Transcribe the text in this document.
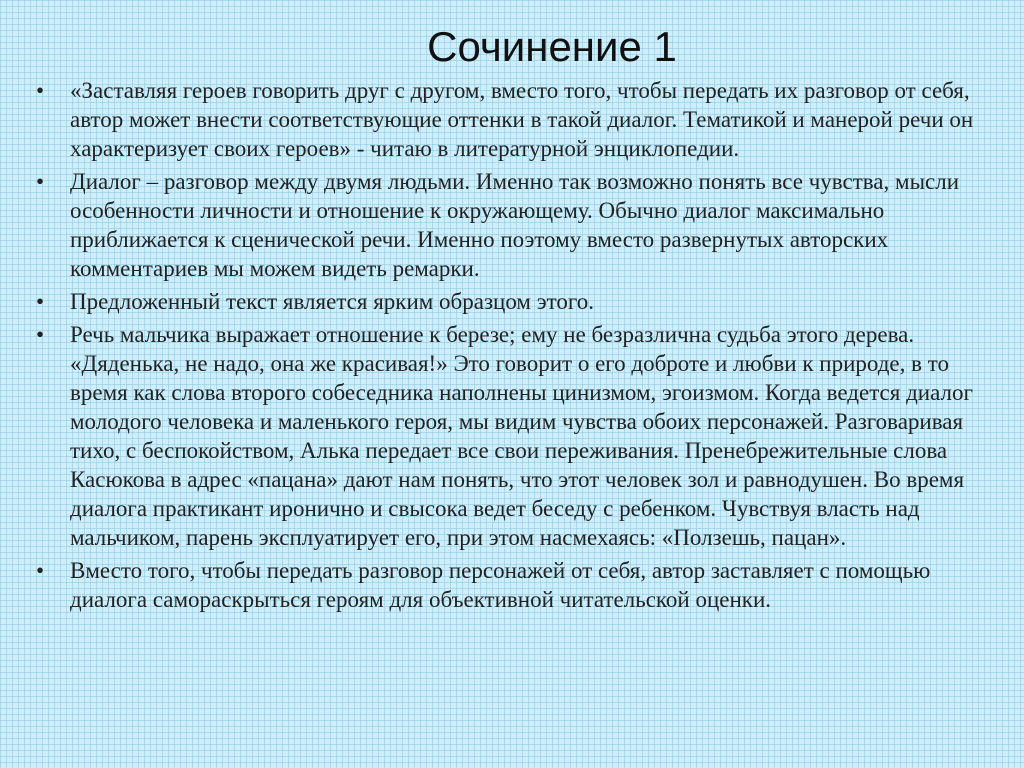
Сочинение 1
• «Заставляя героев говорить друг с другом, вместо того, чтобы передать их разговор от себя, автор может внести соответствующие оттенки в такой диалог. Тематикой и манерой речи он характеризует своих героев» - читаю в литературной энциклопедии.
• Диалог – разговор между двумя людьми. Именно так возможно понять все чувства, мысли особенности личности и отношение к окружающему. Обычно диалог максимально приближается к сценической речи. Именно поэтому вместо развернутых авторских комментариев мы можем видеть ремарки.
• Предложенный текст является ярким образцом этого.
• Речь мальчика выражает отношение к березе; ему не безразлична судьба этого дерева. «Дяденька, не надо, она же красивая!» Это говорит о его доброте и любви к природе, в то время как слова второго собеседника наполнены цинизмом, эгоизмом. Когда ведется диалог молодого человека и маленького героя, мы видим чувства обоих персонажей. Разговаривая тихо, с беспокойством, Алька передает все свои переживания. Пренебрежительные слова Касюкова в адрес «пацана» дают нам понять, что этот человек зол и равнодушен. Во время диалога практикант иронично и свысока ведет беседу с ребенком. Чувствуя власть над мальчиком, парень эксплуатирует его, при этом насмехаясь: «Ползешь, пацан».
• Вместо того, чтобы передать разговор персонажей от себя, автор заставляет с помощью диалога самораскрыться героям для объективной читательской оценки.
